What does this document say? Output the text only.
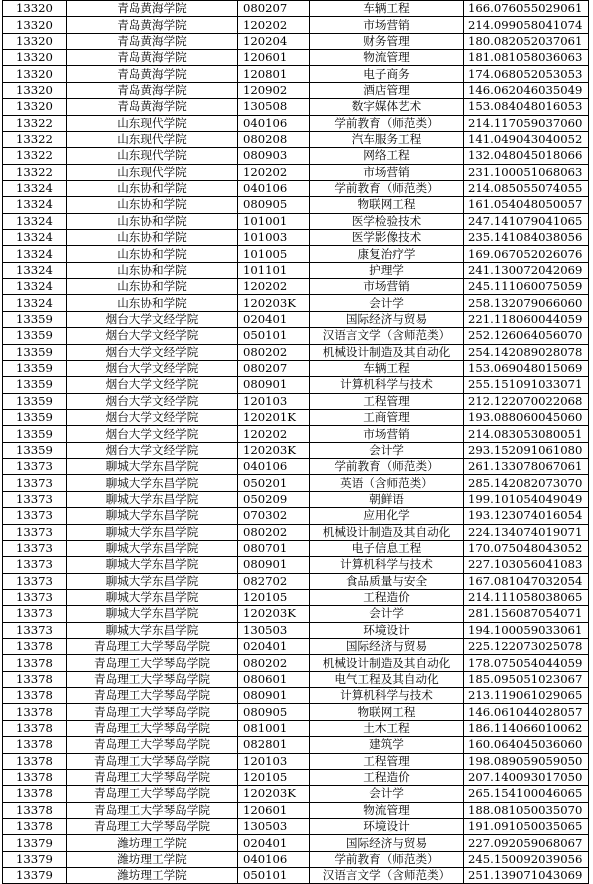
13320	青岛黄海学院	080207	车辆工程	166.076055029061
13320	青岛黄海学院	120202	市场营销	214.099058041074
13320	青岛黄海学院	120204	财务管理	180.082052037061
13320	青岛黄海学院	120601	物流管理	181.081058036063
13320	青岛黄海学院	120801	电子商务	174.068052053053
13320	青岛黄海学院	120902	酒店管理	146.062046035049
13320	青岛黄海学院	130508	数字媒体艺术	153.084048016053
13322	山东现代学院	040106	学前教育（师范类）	214.117059037060
13322	山东现代学院	080208	汽车服务工程	141.049043040052
13322	山东现代学院	080903	网络工程	132.048045018066
13322	山东现代学院	120202	市场营销	231.100051068063
13324	山东协和学院	040106	学前教育（师范类）	214.085055074055
13324	山东协和学院	080905	物联网工程	161.054048050057
13324	山东协和学院	101001	医学检验技术	247.141079041065
13324	山东协和学院	101003	医学影像技术	235.141084038056
13324	山东协和学院	101005	康复治疗学	169.067052026076
13324	山东协和学院	101101	护理学	241.130072042069
13324	山东协和学院	120202	市场营销	245.111060075059
13324	山东协和学院	120203K	会计学	258.132079066060
13359	烟台大学文经学院	020401	国际经济与贸易	221.118060044059
13359	烟台大学文经学院	050101	汉语言文学（含师范类）	252.126064056070
13359	烟台大学文经学院	080202	机械设计制造及其自动化	254.142089028078
13359	烟台大学文经学院	080207	车辆工程	153.069048015069
13359	烟台大学文经学院	080901	计算机科学与技术	255.151091033071
13359	烟台大学文经学院	120103	工程管理	212.122070022068
13359	烟台大学文经学院	120201K	工商管理	193.088060045060
13359	烟台大学文经学院	120202	市场营销	214.083053080051
13359	烟台大学文经学院	120203K	会计学	293.152091061080
13373	聊城大学东昌学院	040106	学前教育（师范类）	261.133078067061
13373	聊城大学东昌学院	050201	英语（含师范类）	285.142082073070
13373	聊城大学东昌学院	050209	朝鲜语	199.101054049049
13373	聊城大学东昌学院	070302	应用化学	193.123074016054
13373	聊城大学东昌学院	080202	机械设计制造及其自动化	224.134074019071
13373	聊城大学东昌学院	080701	电子信息工程	170.075048043052
13373	聊城大学东昌学院	080901	计算机科学与技术	227.103056041083
13373	聊城大学东昌学院	082702	食品质量与安全	167.081047032054
13373	聊城大学东昌学院	120105	工程造价	214.111058038065
13373	聊城大学东昌学院	120203K	会计学	281.156087054071
13373	聊城大学东昌学院	130503	环境设计	194.100059033061
13378	青岛理工大学琴岛学院	020401	国际经济与贸易	225.122073025078
13378	青岛理工大学琴岛学院	080202	机械设计制造及其自动化	178.075054044059
13378	青岛理工大学琴岛学院	080601	电气工程及其自动化	185.095051023067
13378	青岛理工大学琴岛学院	080901	计算机科学与技术	213.119061029065
13378	青岛理工大学琴岛学院	080905	物联网工程	146.061044028057
13378	青岛理工大学琴岛学院	081001	土木工程	186.114066010062
13378	青岛理工大学琴岛学院	082801	建筑学	160.064045036060
13378	青岛理工大学琴岛学院	120103	工程管理	198.089059059050
13378	青岛理工大学琴岛学院	120105	工程造价	207.140093017050
13378	青岛理工大学琴岛学院	120203K	会计学	265.154100046065
13378	青岛理工大学琴岛学院	120601	物流管理	188.081050035070
13378	青岛理工大学琴岛学院	130503	环境设计	191.091050035065
13379	潍坊理工学院	020401	国际经济与贸易	227.092059068067
13379	潍坊理工学院	040106	学前教育（师范类）	245.150092039056
13379	潍坊理工学院	050101	汉语言文学（含师范类）	251.139071043069
